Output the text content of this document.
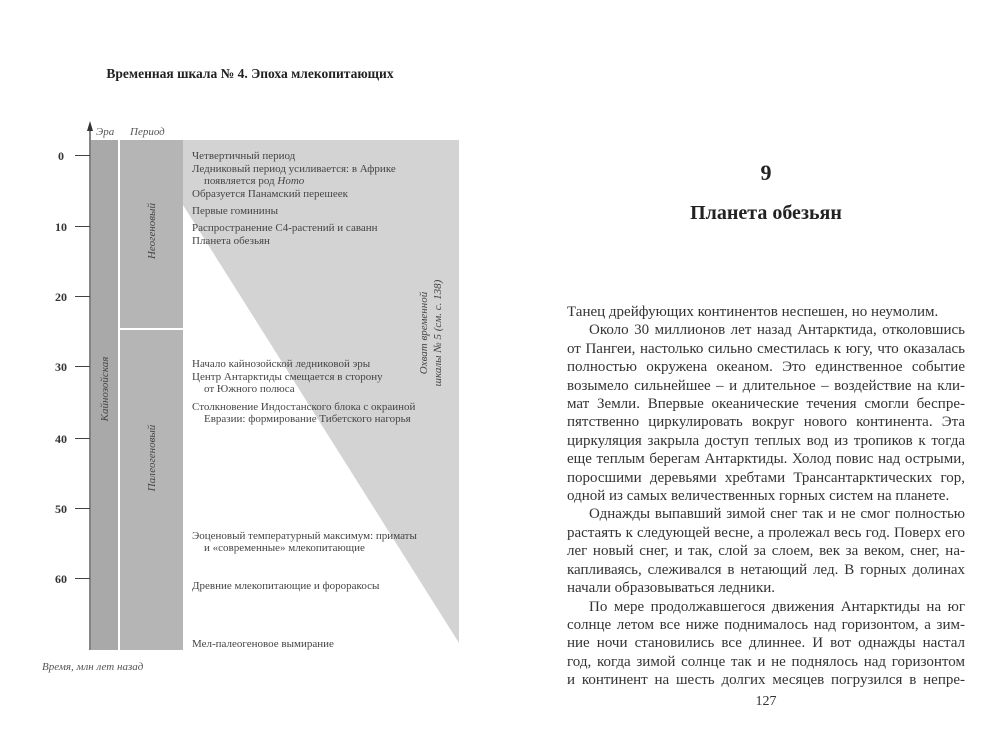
Временная шкала № 4. Эпоха млекопитающих
Эра Период
0
10
20
30
40
50
60
Кайнозойская
Неогеновый
Палеогеновый
Охват временной шкалы № 5 (см. с. 138)
Четвертичный период
Ледниковый период усиливается: в Африке
появляется род Homo
Образуется Панамский перешеек
Первые гоминины
Распространение С4-растений и саванн
Планета обезьян
Начало кайнозойской ледниковой эры
Центр Антарктиды смещается в сторону
от Южного полюса
Столкновение Индостанского блока с окраиной
Евразии: формирование Тибетского нагорья
Эоценовый температурный максимум: приматы
и «современные» млекопитающие
Древние млекопитающие и фороракосы
Мел-палеогеновое вымирание
Время, млн лет назад
9
Планета обезьян
Танец дрейфующих континентов неспешен, но неумолим.
Около 30 миллионов лет назад Антарктида, отколовшись
от Пангеи, настолько сильно сместилась к югу, что оказалась
полностью окружена океаном. Это единственное событие
возымело сильнейшее – и длительное – воздействие на кли-
мат Земли. Впервые океанические течения смогли беспре-
пятственно циркулировать вокруг нового континента. Эта
циркуляция закрыла доступ теплых вод из тропиков к тогда
еще теплым берегам Антарктиды. Холод повис над острыми,
поросшими деревьями хребтами Трансантарктических гор,
одной из самых величественных горных систем на планете.
Однажды выпавший зимой снег так и не смог полностью
растаять к следующей весне, а пролежал весь год. Поверх его
лег новый снег, и так, слой за слоем, век за веком, снег, на-
капливаясь, слеживался в нетающий лед. В горных долинах
начали образовываться ледники.
По мере продолжавшегося движения Антарктиды на юг
солнце летом все ниже поднималось над горизонтом, а зим-
ние ночи становились все длиннее. И вот однажды настал
год, когда зимой солнце так и не поднялось над горизонтом
и континент на шесть долгих месяцев погрузился в непре-
127
